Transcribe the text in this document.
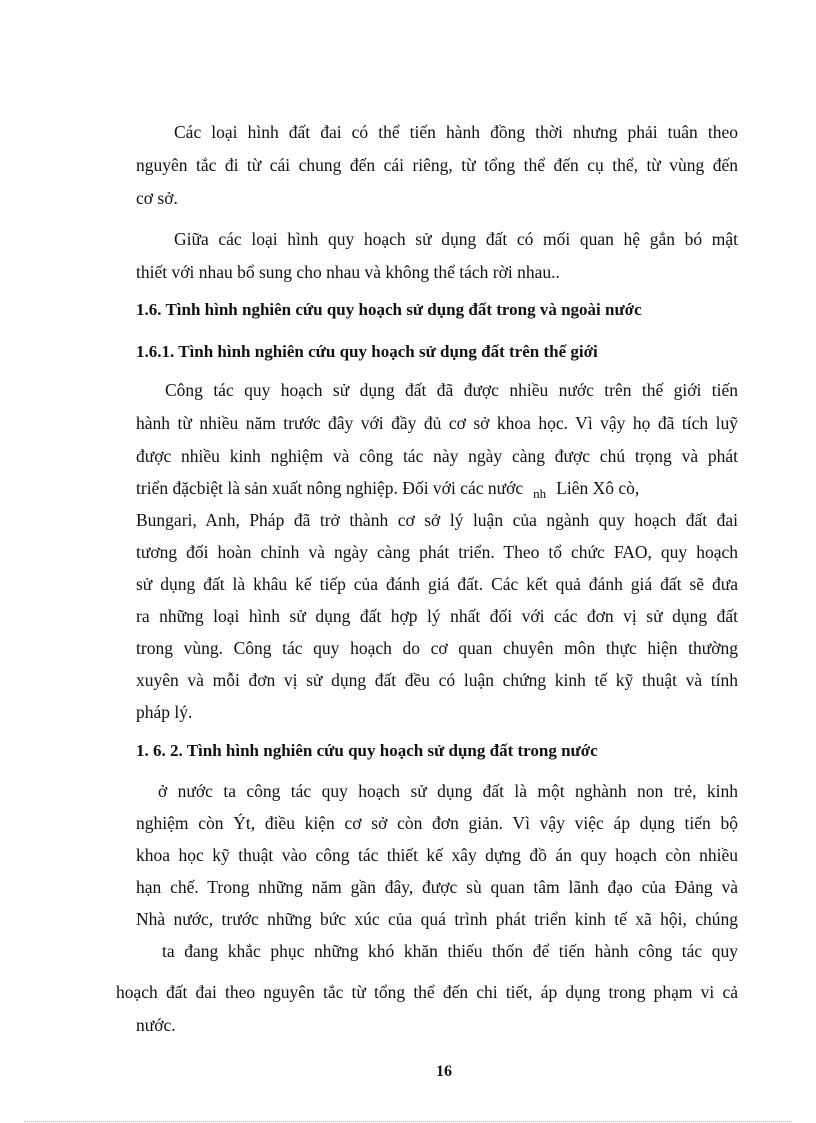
Các loại hình đất đai có thể tiến hành đồng thời nhưng phải tuân theo
nguyên tắc đi từ cái chung đến cái riêng, từ tổng thể đến cụ thể, từ vùng đến
cơ sở.
Giữa các loại hình quy hoạch sử dụng đất có mối quan hệ gắn bó mật
thiết với nhau bổ sung cho nhau và không thể tách rời nhau..
1.6. Tình hình nghiên cứu quy hoạch sử dụng đất trong và ngoài nước
1.6.1. Tình hình nghiên cứu quy hoạch sử dụng đất trên thế giới
Công tác quy hoạch sử dụng đất đã được nhiều nước trên thế giới tiến
hành từ nhiều năm trước đây với đầy đủ cơ sở khoa học. Vì vậy họ đã tích luỹ
được nhiều kinh nghiệm và công tác này ngày càng được chú trọng và phát
triển đặcbiệt là sản xuất nông nghiệp. Đối với các nước nh Liên Xô cò,
Bungari, Anh, Pháp đã trở thành cơ sở lý luận của ngành quy hoạch đất đai
tương đối hoàn chỉnh và ngày càng phát triển. Theo tổ chức FAO, quy hoạch
sử dụng đất là khâu kế tiếp của đánh giá đất. Các kết quả đánh giá đất sẽ đưa
ra những loại hình sử dụng đất hợp lý nhất đối với các đơn vị sử dụng đất
trong vùng. Công tác quy hoạch do cơ quan chuyên môn thực hiện thường
xuyên và mỗi đơn vị sử dụng đất đều có luận chứng kinh tế kỹ thuật và tính
pháp lý.
1. 6. 2. Tình hình nghiên cứu quy hoạch sử dụng đất trong nước
ở nước ta công tác quy hoạch sử dụng đất là một nghành non trẻ, kinh
nghiệm còn Ýt, điều kiện cơ sở còn đơn giản. Vì vậy việc áp dụng tiến bộ
khoa học kỹ thuật vào công tác thiết kế xây dựng đồ án quy hoạch còn nhiều
hạn chế. Trong những năm gần đây, được sù quan tâm lãnh đạo của Đảng và
Nhà nước, trước những bức xúc của quá trình phát triển kinh tế xã hội, chúng
ta đang khắc phục những khó khăn thiếu thốn để tiến hành công tác quy
hoạch đất đai theo nguyên tắc từ tổng thể đến chi tiết, áp dụng trong phạm vi cả
nước.
16
